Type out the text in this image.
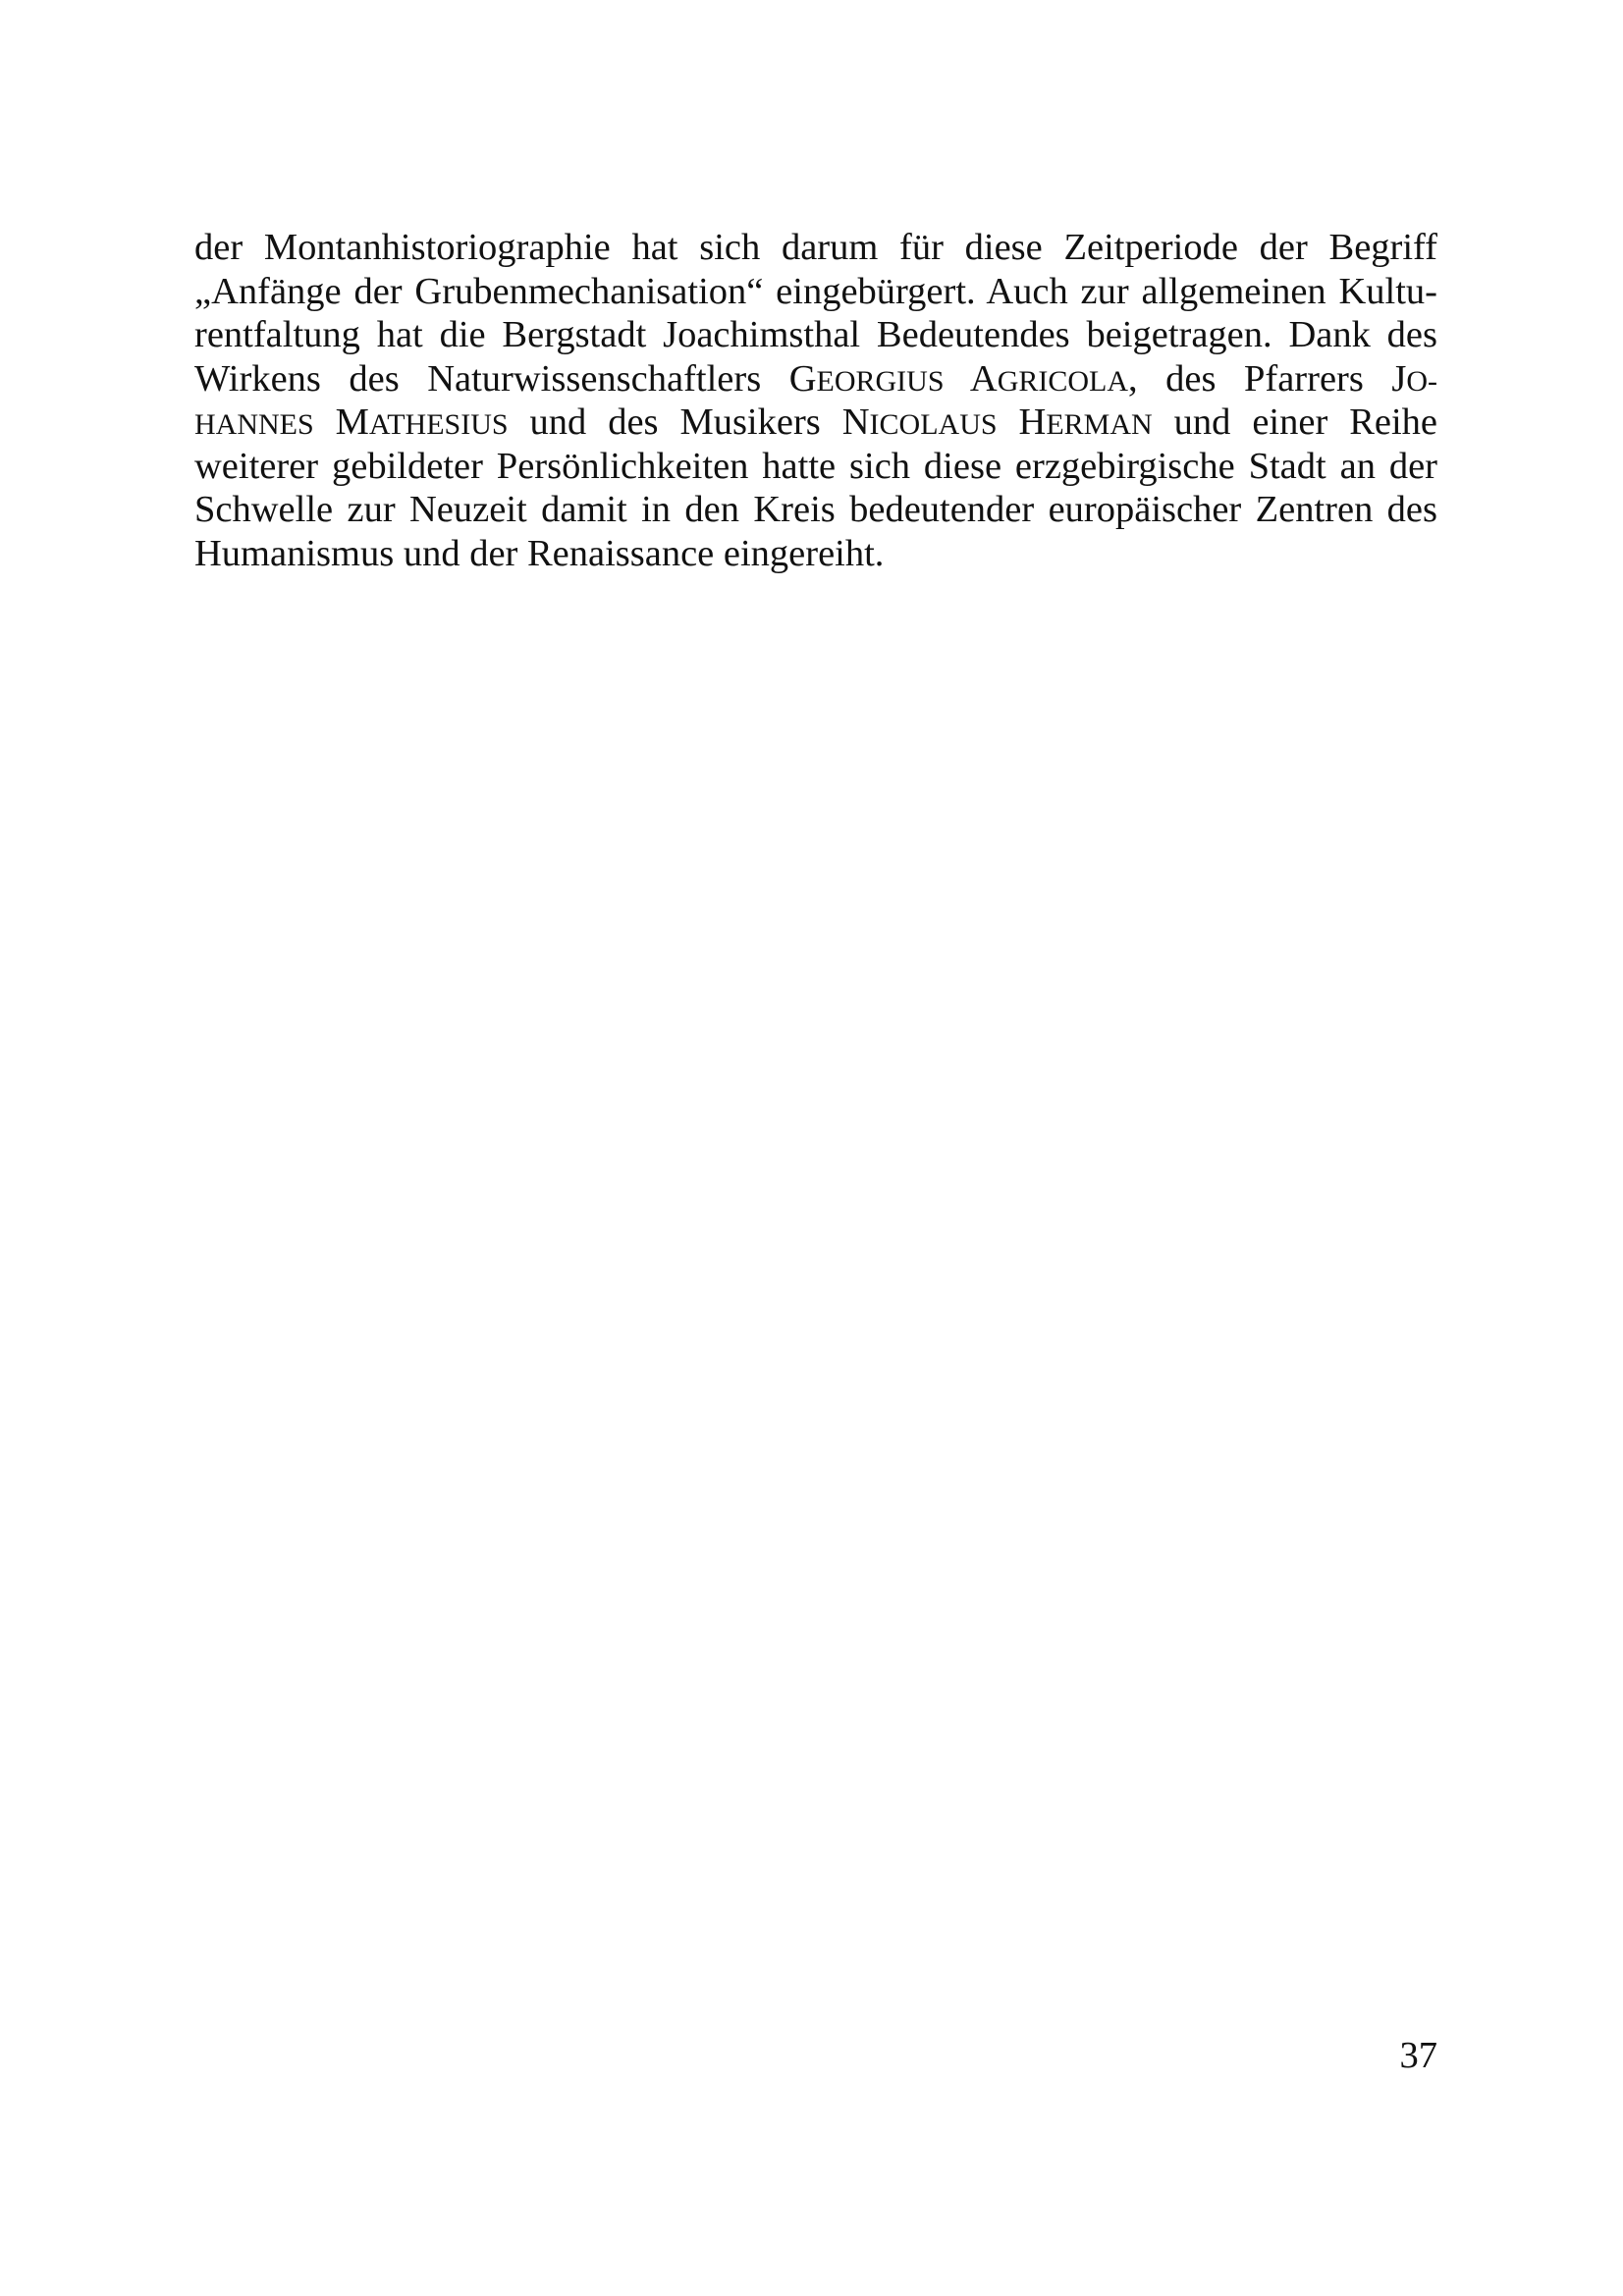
der Montanhistoriographie hat sich darum für diese Zeitperiode der Begriff
„Anfänge der Grubenmechanisation“ eingebürgert. Auch zur allgemeinen Kultu-
rentfaltung hat die Bergstadt Joachimsthal Bedeutendes beigetragen. Dank des
Wirkens des Naturwissenschaftlers GEORGIUS AGRICOLA, des Pfarrers JO-
HANNES MATHESIUS und des Musikers NICOLAUS HERMAN und einer Reihe
weiterer gebildeter Persönlichkeiten hatte sich diese erzgebirgische Stadt an der
Schwelle zur Neuzeit damit in den Kreis bedeutender europäischer Zentren des
Humanismus und der Renaissance eingereiht.
37
